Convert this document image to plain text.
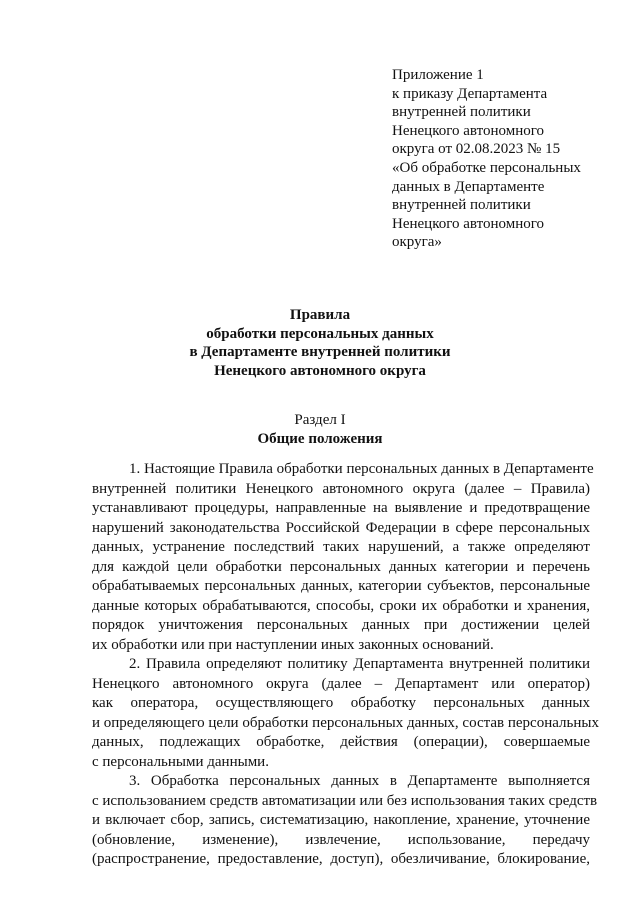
Приложение 1
к приказу Департамента
внутренней политики
Ненецкого автономного
округа от 02.08.2023 № 15
«Об обработке персональных
данных в Департаменте
внутренней политики
Ненецкого автономного
округа»
Правила
обработки персональных данных
в Департаменте внутренней политики
Ненецкого автономного округа
Раздел I
Общие положения
1. Настоящие Правила обработки персональных данных в Департаменте
внутренней политики Ненецкого автономного округа (далее – Правила)
устанавливают процедуры, направленные на выявление и предотвращение
нарушений законодательства Российской Федерации в сфере персональных
данных, устранение последствий таких нарушений, а также определяют
для каждой цели обработки персональных данных категории и перечень
обрабатываемых персональных данных, категории субъектов, персональные
данные которых обрабатываются, способы, сроки их обработки и хранения,
порядок уничтожения персональных данных при достижении целей
их обработки или при наступлении иных законных оснований.
2. Правила определяют политику Департамента внутренней политики
Ненецкого автономного округа (далее – Департамент или оператор)
как оператора, осуществляющего обработку персональных данных
и определяющего цели обработки персональных данных, состав персональных
данных, подлежащих обработке, действия (операции), совершаемые
с персональными данными.
3. Обработка персональных данных в Департаменте выполняется
с использованием средств автоматизации или без использования таких средств
и включает сбор, запись, систематизацию, накопление, хранение, уточнение
(обновление, изменение), извлечение, использование, передачу
(распространение, предоставление, доступ), обезличивание, блокирование,
